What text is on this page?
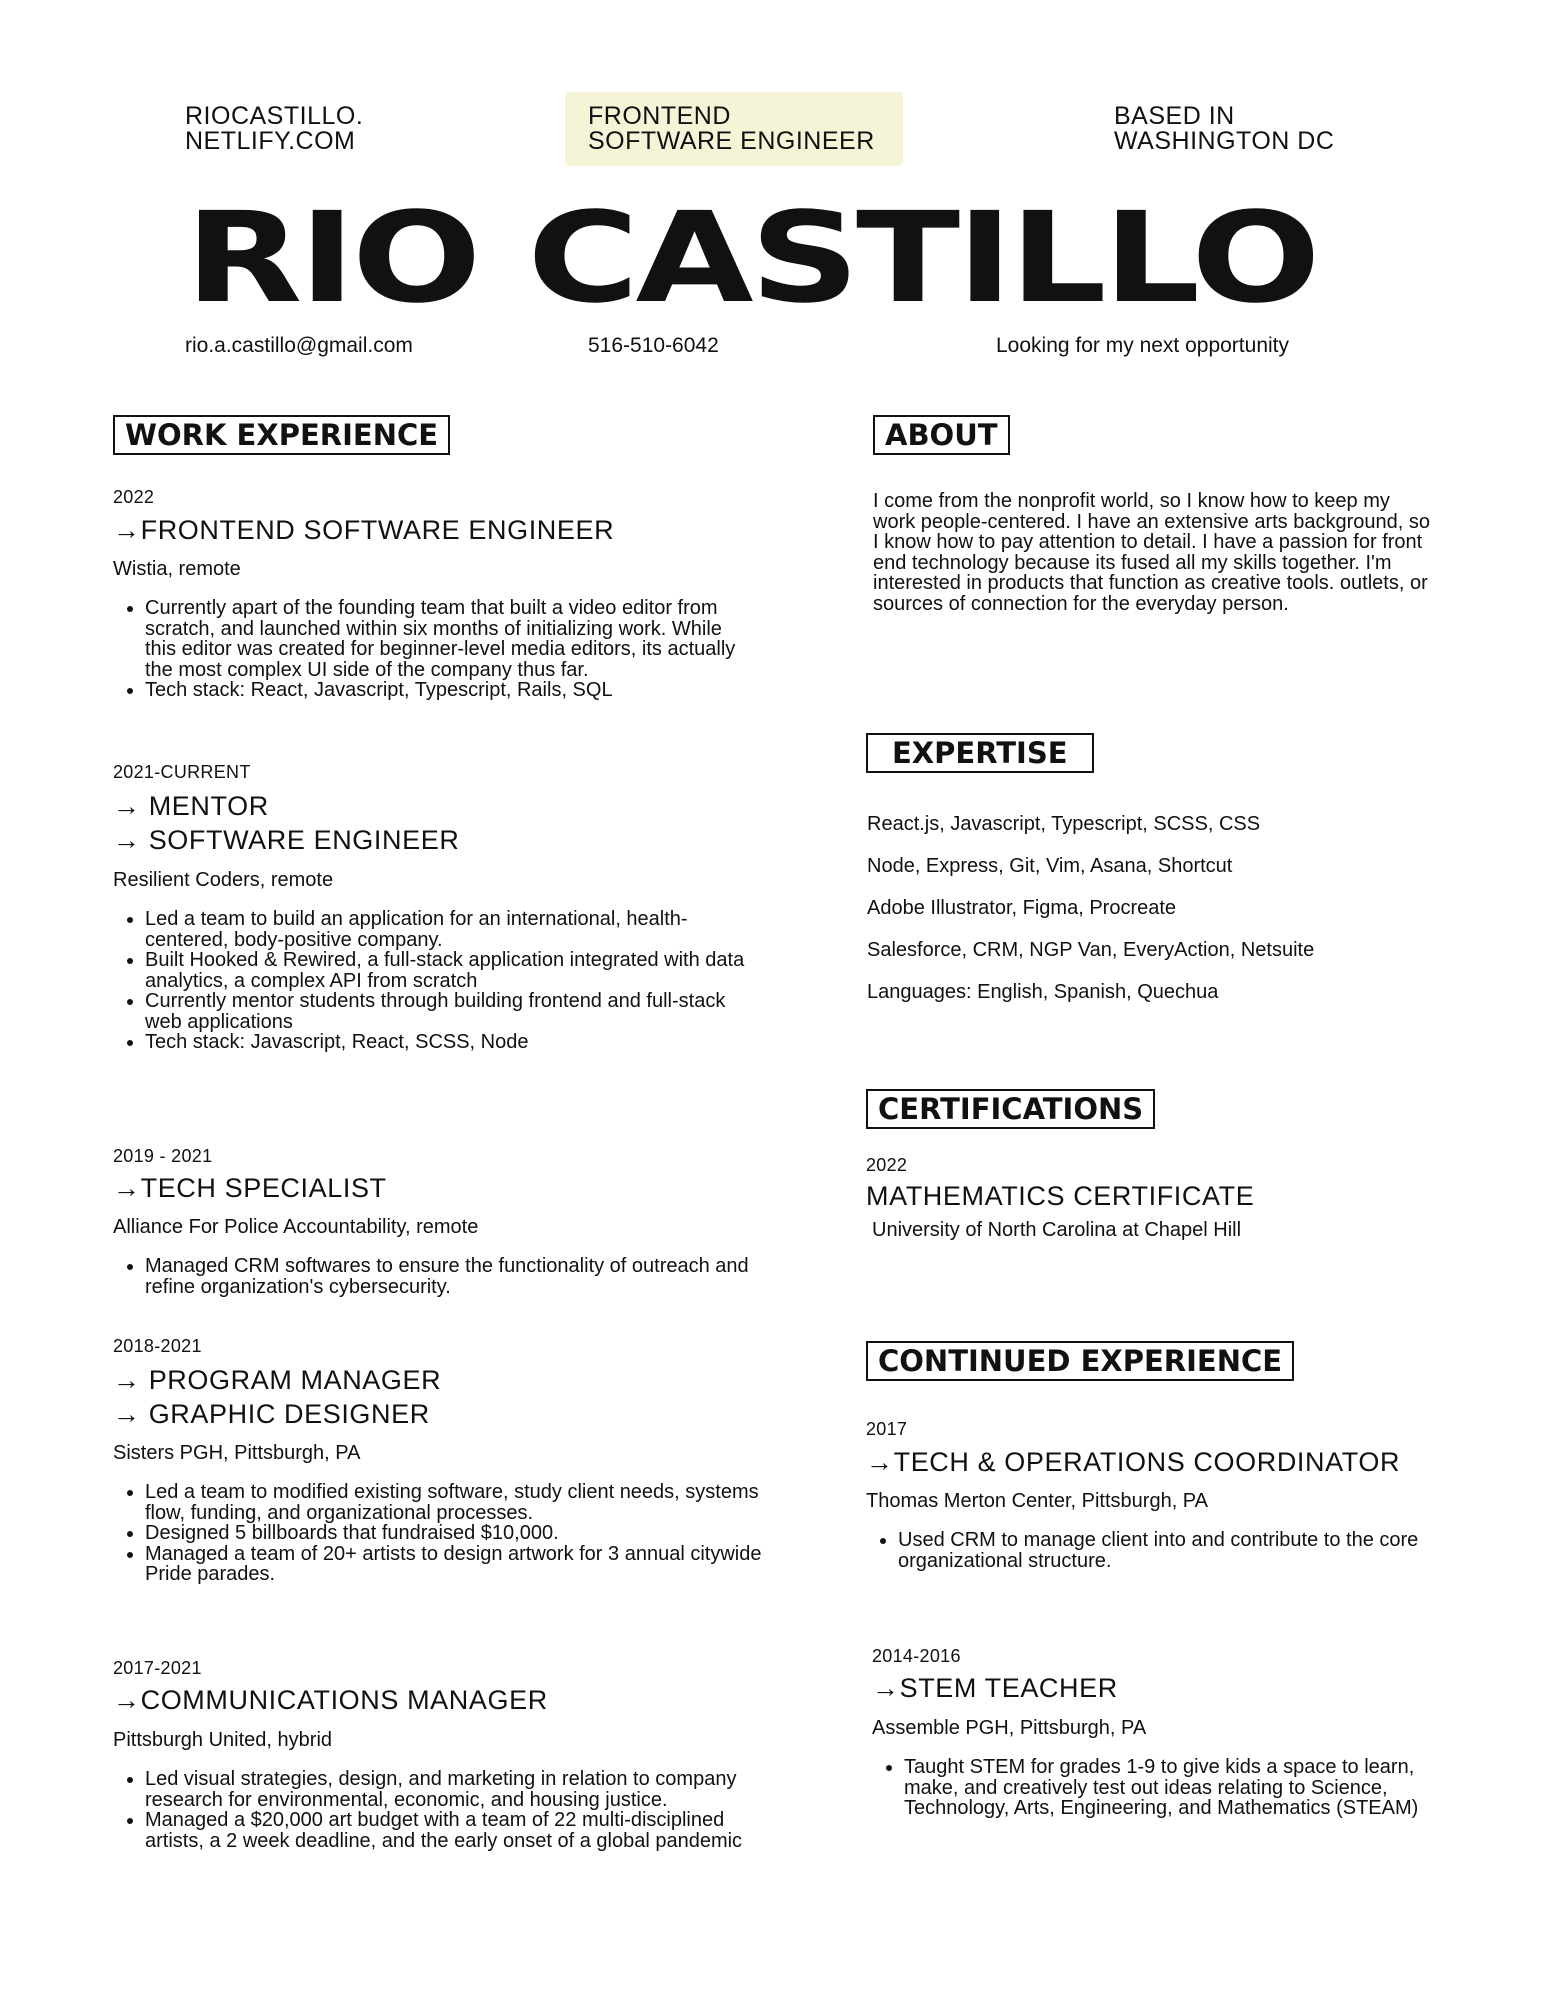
RIOCASTILLO.
NETLIFY.COM
FRONTEND
SOFTWARE ENGINEER
BASED IN
WASHINGTON DC
RIO CASTILLO
rio.a.castillo@gmail.com	516-510-6042	Looking for my next opportunity
WORK EXPERIENCE
2022
→FRONTEND SOFTWARE ENGINEER
Wistia, remote
• Currently apart of the founding team that built a video editor from scratch, and launched within six months of initializing work. While this editor was created for beginner-level media editors, its actually the most complex UI side of the company thus far.
• Tech stack: React, Javascript, Typescript, Rails, SQL
2021-CURRENT
→ MENTOR
→ SOFTWARE ENGINEER
Resilient Coders, remote
• Led a team to build an application for an international, health-centered, body-positive company.
• Built Hooked & Rewired, a full-stack application integrated with data analytics, a complex API from scratch
• Currently mentor students through building frontend and full-stack web applications
• Tech stack: Javascript, React, SCSS, Node
2019 - 2021
→TECH SPECIALIST
Alliance For Police Accountability, remote
• Managed CRM softwares to ensure the functionality of outreach and refine organization's cybersecurity.
2018-2021
→ PROGRAM MANAGER
→ GRAPHIC DESIGNER
Sisters PGH, Pittsburgh, PA
• Led a team to modified existing software, study client needs, systems flow, funding, and organizational processes.
• Designed 5 billboards that fundraised $10,000.
• Managed a team of 20+ artists to design artwork for 3 annual citywide Pride parades.
2017-2021
→COMMUNICATIONS MANAGER
Pittsburgh United, hybrid
• Led visual strategies, design, and marketing in relation to company research for environmental, economic, and housing justice.
• Managed a $20,000 art budget with a team of 22 multi-disciplined artists, a 2 week deadline, and the early onset of a global pandemic
ABOUT
I come from the nonprofit world, so I know how to keep my work people-centered. I have an extensive arts background, so I know how to pay attention to detail. I have a passion for front end technology because its fused all my skills together. I'm interested in products that function as creative tools. outlets, or sources of connection for the everyday person.
EXPERTISE
React.js, Javascript, Typescript, SCSS, CSS
Node, Express, Git, Vim, Asana, Shortcut
Adobe Illustrator, Figma, Procreate
Salesforce, CRM, NGP Van, EveryAction, Netsuite
Languages: English, Spanish, Quechua
CERTIFICATIONS
2022
MATHEMATICS CERTIFICATE
University of North Carolina at Chapel Hill
CONTINUED EXPERIENCE
2017
→TECH & OPERATIONS COORDINATOR
Thomas Merton Center, Pittsburgh, PA
• Used CRM to manage client into and contribute to the core organizational structure.
2014-2016
→STEM TEACHER
Assemble PGH, Pittsburgh, PA
• Taught STEM for grades 1-9 to give kids a space to learn, make, and creatively test out ideas relating to Science, Technology, Arts, Engineering, and Mathematics (STEAM)
